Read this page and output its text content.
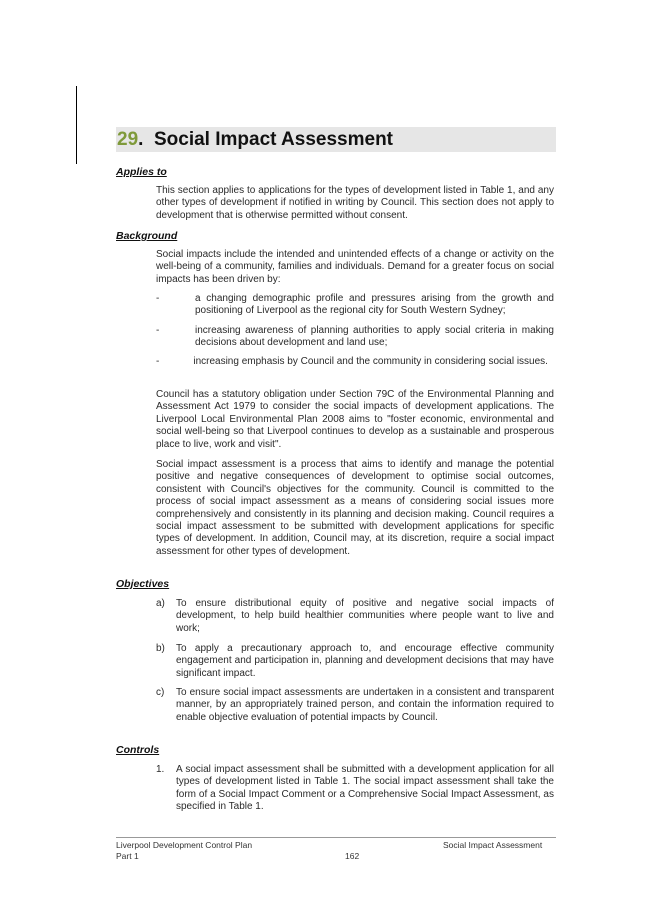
29. Social Impact Assessment
Applies to

This section applies to applications for the types of development listed in Table 1, and any other types of development if notified in writing by Council. This section does not apply to development that is otherwise permitted without consent.

Background

Social impacts include the intended and unintended effects of a change or activity on the well-being of a community, families and individuals. Demand for a greater focus on social impacts has been driven by:

-	a changing demographic profile and pressures arising from the growth and positioning of Liverpool as the regional city for South Western Sydney;

-	increasing awareness of planning authorities to apply social criteria in making decisions about development and land use;

-	increasing emphasis by Council and the community in considering social issues.

Council has a statutory obligation under Section 79C of the Environmental Planning and Assessment Act 1979 to consider the social impacts of development applications. The Liverpool Local Environmental Plan 2008 aims to "foster economic, environmental and social well-being so that Liverpool continues to develop as a sustainable and prosperous place to live, work and visit".

Social impact assessment is a process that aims to identify and manage the potential positive and negative consequences of development to optimise social outcomes, consistent with Council's objectives for the community. Council is committed to the process of social impact assessment as a means of considering social issues more comprehensively and consistently in its planning and decision making. Council requires a social impact assessment to be submitted with development applications for specific types of development. In addition, Council may, at its discretion, require a social impact assessment for other types of development.

Objectives
a) To ensure distributional equity of positive and negative social impacts of development, to help build healthier communities where people want to live and work;

b) To apply a precautionary approach to, and encourage effective community engagement and participation in, planning and development decisions that may have significant impact.

c) To ensure social impact assessments are undertaken in a consistent and transparent manner, by an appropriately trained person, and contain the information required to enable objective evaluation of potential impacts by Council.

Controls
1. A social impact assessment shall be submitted with a development application for all types of development listed in Table 1. The social impact assessment shall take the form of a Social Impact Comment or a Comprehensive Social Impact Assessment, as specified in Table 1.

Liverpool Development Control Plan
Part 1	162
Social Impact Assessment
